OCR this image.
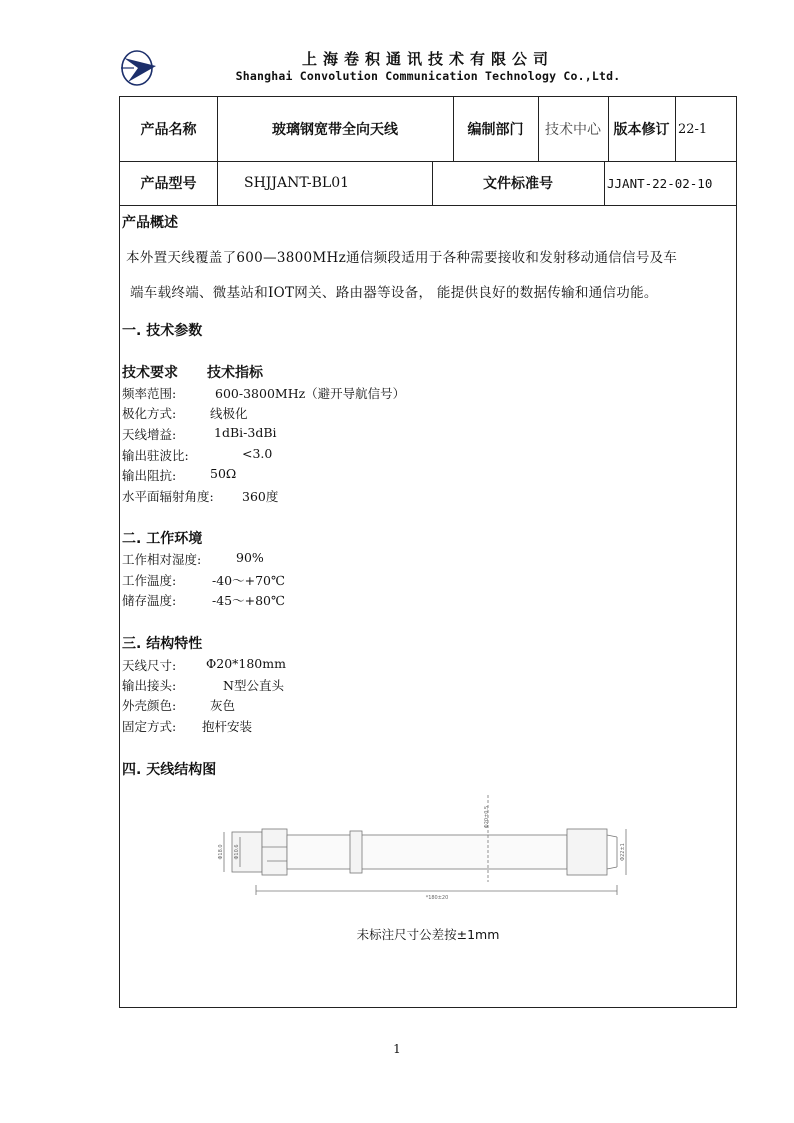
上海卷积通讯技术有限公司
Shanghai Convolution Communication Technology Co.,Ltd.
产品名称	玻璃钢宽带全向天线	编制部门	技术中心 版本修订 22-1
产品型号	SHJJANT-BL01	文件标准号	JJANT-22-02-10
产品概述
本外置天线覆盖了600—3800MHz通信频段适用于各种需要接收和发射移动通信信号及车
端车载终端、微基站和IOT网关、路由器等设备， 能提供良好的数据传输和通信功能。
一. 技术参数
技术要求 技术指标
频率范围:	600-3800MHz（避开导航信号）
极化方式:	线极化
天线增益:	1dBi-3dBi
输出驻波比:	<3.0
输出阻抗:	50Ω
水平面辐射角度: 360度
二. 工作环境
工作相对湿度:	90%
工作温度:	-40～+70℃
储存温度:	-45～+80℃
三. 结构特性
天线尺寸: Φ20*180mm
输出接头:	N型公直头
外壳颜色:	灰色
固定方式: 抱杆安装
四. 天线结构图
Φ20±0.5
*180±20
Φ18.0 Φ10.6	Φ22±1
未标注尺寸公差按±1mm
1
